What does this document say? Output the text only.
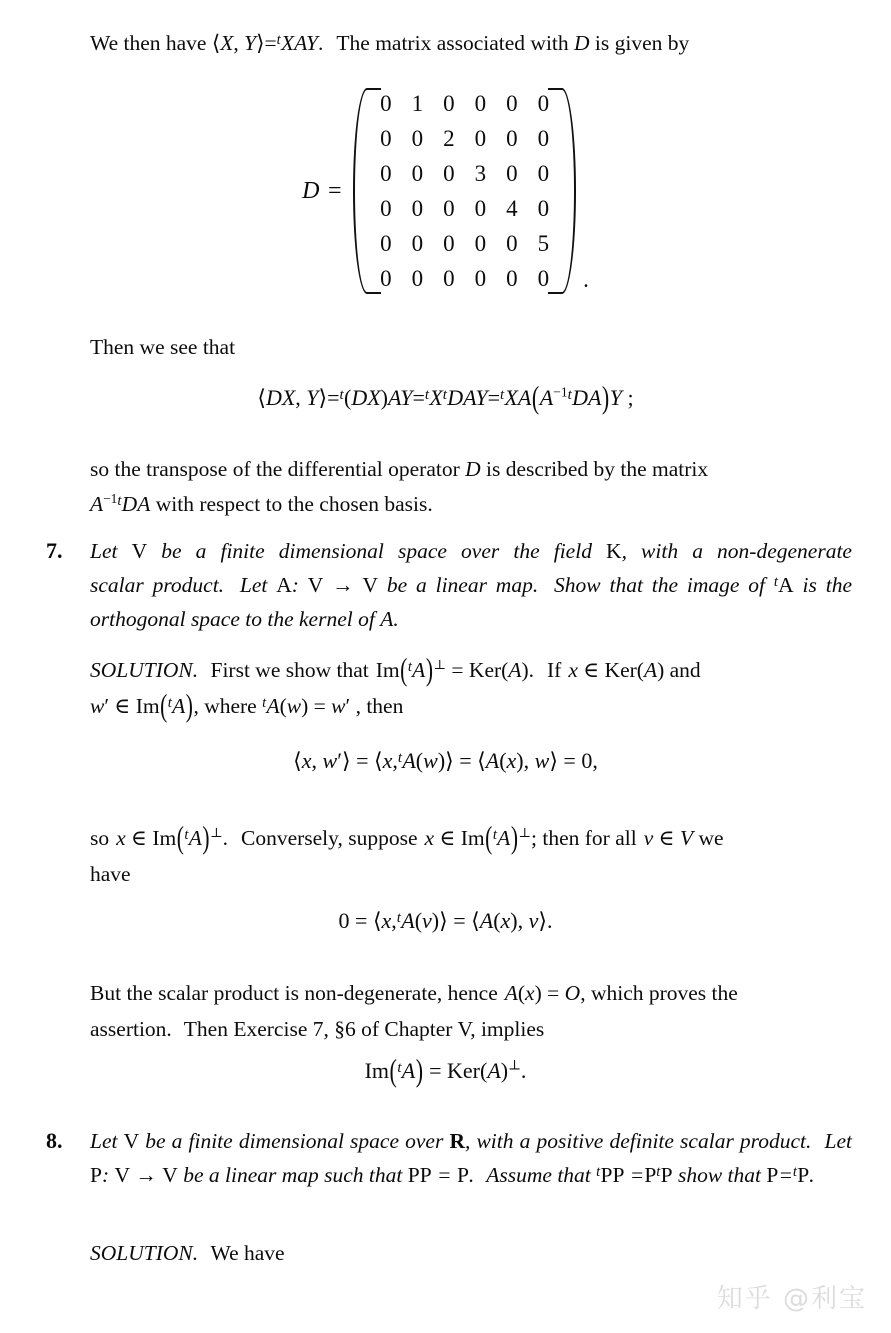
We then have ⟨X, Y⟩=$^t$XAY. The matrix associated with D is given by
D =
0	1	0	0	0	0
0	0	2	0	0	0
0	0	0	3	0	0
0	0	0	0	4	0
0	0	0	0	0	5
0	0	0	0	0	0 .
Then we see that
⟨DX, $Y⟩=^t(DX)AY=^tX^tDAY=^tXA(A^{-1t}DA)Y$ ;
so the transpose of the differential operator D is described by the matrix
$A^{-1t}DA$ with respect to the chosen basis.
7. Let V be a finite dimensional space over the field K, with a non-degenerate scalar product. Let A: V → V be a linear map. Show that the image of $^t$A is the orthogonal space to the kernel of A.
SOLUTION. First we show that Im($^t$A)⊥ = Ker(A). If x ∈ Ker(A) and
w′ ∈ Im($^t$A), where $^t$A(w) = w′ , then
⟨x, w′⟩ = ⟨x,$^t$A(w)⟩ = ⟨A(x), w⟩ = 0,
so x ∈ Im($^t$A)⊥. Conversely, suppose x ∈ Im($^t$A)⊥; then for all v ∈ V we
have
0 = ⟨x,$^t$A(v)⟩ = ⟨A(x), v⟩.
But the scalar product is non-degenerate, hence A(x) = O, which proves the
assertion. Then Exercise 7, §6 of Chapter V, implies
Im($^t$A) = Ker(A)⊥.
8. Let V be a finite dimensional space over R, with a positive definite scalar product. Let P: V → V be a linear map such that PP = P. Assume that $^tPP =P^tP$ show that P=$^t$P.
SOLUTION. We have
知乎 @利宝
